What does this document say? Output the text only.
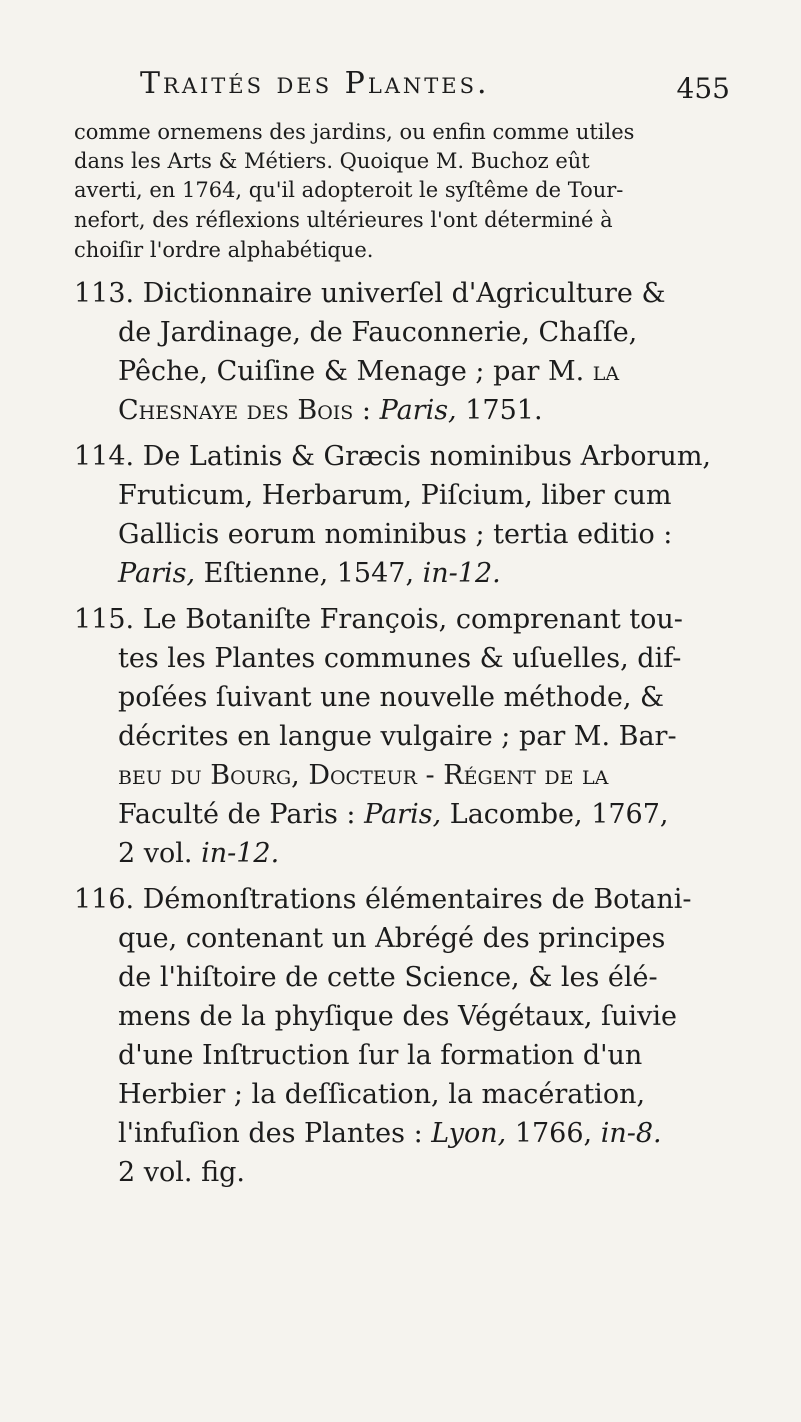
Traités des Plantes.	455
comme ornemens des jardins, ou enfin comme utiles
dans les Arts & Métiers. Quoique M. Buchoz eût
averti, en 1764, qu'il adopteroit le syſtême de Tour-
nefort, des réflexions ultérieures l'ont déterminé à
choiſir l'ordre alphabétique.
113. Dictionnaire univerſel d'Agriculture &
de Jardinage, de Fauconnerie, Chaſſe,
Pêche, Cuiſine & Menage ; par M. la
Chesnaye des Bois : Paris, 1751.
114. De Latinis & Græcis nominibus Arborum,
Fruticum, Herbarum, Piſcium, liber cum
Gallicis eorum nominibus ; tertia editio :
Paris, Eſtienne, 1547, in-12.
115. Le Botaniſte François, comprenant tou-
tes les Plantes communes & uſuelles, dif-
poſées ſuivant une nouvelle méthode, &
décrites en langue vulgaire ; par M. Bar-
beu du Bourg, Docteur - Régent de la
Faculté de Paris : Paris, Lacombe, 1767,
2 vol. in-12.
116. Démonſtrations élémentaires de Botani-
que, contenant un Abrégé des principes
de l'hiſtoire de cette Science, & les élé-
mens de la phyſique des Végétaux, ſuivie
d'une Inſtruction ſur la formation d'un
Herbier ; la deſſication, la macération,
l'infuſion des Plantes : Lyon, 1766, in-8.
2 vol. fig.
